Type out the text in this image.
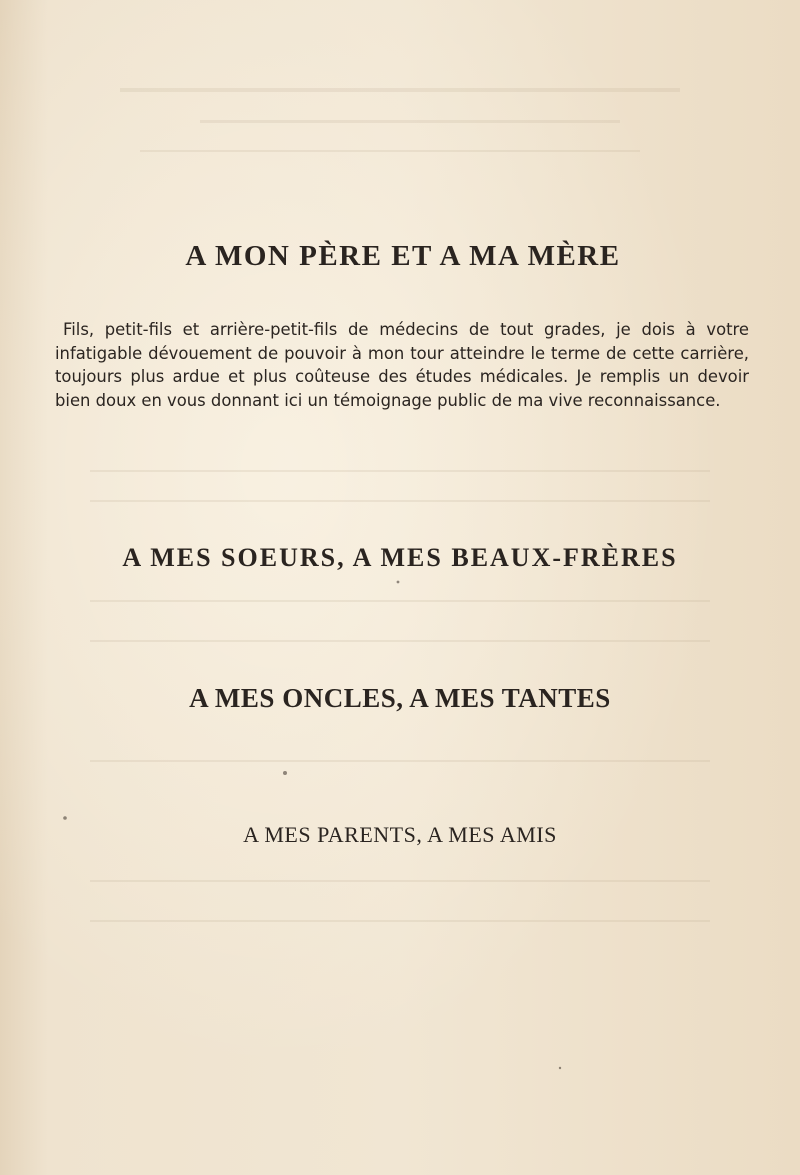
A MON PÈRE ET A MA MÈRE

Fils, petit-fils et arrière-petit-fils de médecins de tout grades, je dois à votre infatigable dévouement de pouvoir à mon tour atteindre le terme de cette carrière, toujours plus ardue et plus coûteuse des études médicales. Je remplis un devoir bien doux en vous donnant ici un témoignage public de ma vive reconnaissance.

A MES SOEURS, A MES BEAUX-FRÈRES
A MES ONCLES, A MES TANTES
A MES PARENTS, A MES AMIS
